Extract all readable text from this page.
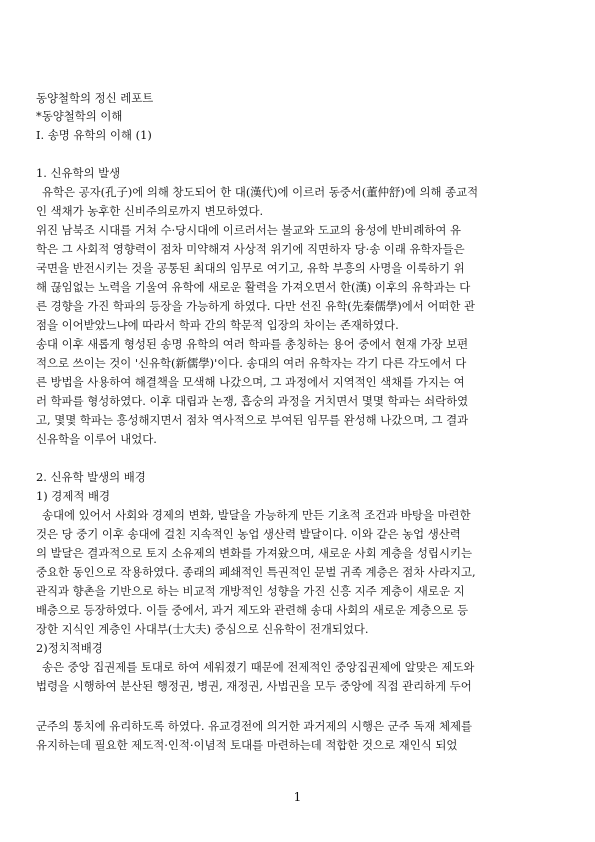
동양철학의 정신 레포트
*동양철학의 이해
Ⅰ. 송명 유학의 이해 (1)
1. 신유학의 발생
유학은 공자(孔子)에 의해 창도되어 한 대(漢代)에 이르러 동중서(董仲舒)에 의해 종교적
인 색채가 농후한 신비주의로까지 변모하였다.
위진 남북조 시대를 거쳐 수·당시대에 이르러서는 불교와 도교의 융성에 반비례하여 유
학은 그 사회적 영향력이 점차 미약해져 사상적 위기에 직면하자 당·송 이래 유학자들은
국면을 반전시키는 것을 공통된 최대의 임무로 여기고, 유학 부흥의 사명을 이룩하기 위
해 끊임없는 노력을 기울여 유학에 새로운 활력을 가져오면서 한(漢) 이후의 유학과는 다
른 경향을 가진 학파의 등장을 가능하게 하였다. 다만 선진 유학(先秦儒學)에서 어떠한 관
점을 이어받았느냐에 따라서 학파 간의 학문적 입장의 차이는 존재하였다.
송대 이후 새롭게 형성된 송명 유학의 여러 학파를 총칭하는 용어 중에서 현재 가장 보편
적으로 쓰이는 것이 '신유학(新儒學)'이다. 송대의 여러 유학자는 각기 다른 각도에서 다
른 방법을 사용하여 해결책을 모색해 나갔으며, 그 과정에서 지역적인 색채를 가지는 여
러 학파를 형성하였다. 이후 대립과 논쟁, 흡숭의 과정을 거치면서 몇몇 학파는 쇠락하였
고, 몇몇 학파는 흥성해지면서 점차 역사적으로 부여된 임무를 완성해 나갔으며, 그 결과
신유학을 이루어 내었다.
2. 신유학 발생의 배경
1) 경제적 배경
송대에 있어서 사회와 경제의 변화, 발달을 가능하게 만든 기초적 조건과 바탕을 마련한
것은 당 중기 이후 송대에 걸친 지속적인 농업 생산력 발달이다. 이와 같은 농업 생산력
의 발달은 결과적으로 토지 소유제의 변화를 가져왔으며, 새로운 사회 계층을 성립시키는
중요한 동인으로 작용하였다. 종래의 폐쇄적인 특권적인 문벌 귀족 계층은 점차 사라지고,
관직과 향촌을 기반으로 하는 비교적 개방적인 성향을 가진 신흥 지주 계층이 새로운 지
배층으로 등장하였다. 이들 중에서, 과거 제도와 관련해 송대 사회의 새로운 계층으로 등
장한 지식인 계층인 사대부(士大夫) 중심으로 신유학이 전개되었다.
2)정치적배경
송은 중앙 집권제를 토대로 하여 세워졌기 때문에 전제적인 중앙집권제에 알맞은 제도와
법령을 시행하여 분산된 행정권, 병권, 재정권, 사법권을 모두 중앙에 직접 관리하게 두어
군주의 통치에 유리하도록 하였다. 유교경전에 의거한 과거제의 시행은 군주 독재 체제를
유지하는데 필요한 제도적·인적·이념적 토대를 마련하는데 적합한 것으로 재인식 되었
1
